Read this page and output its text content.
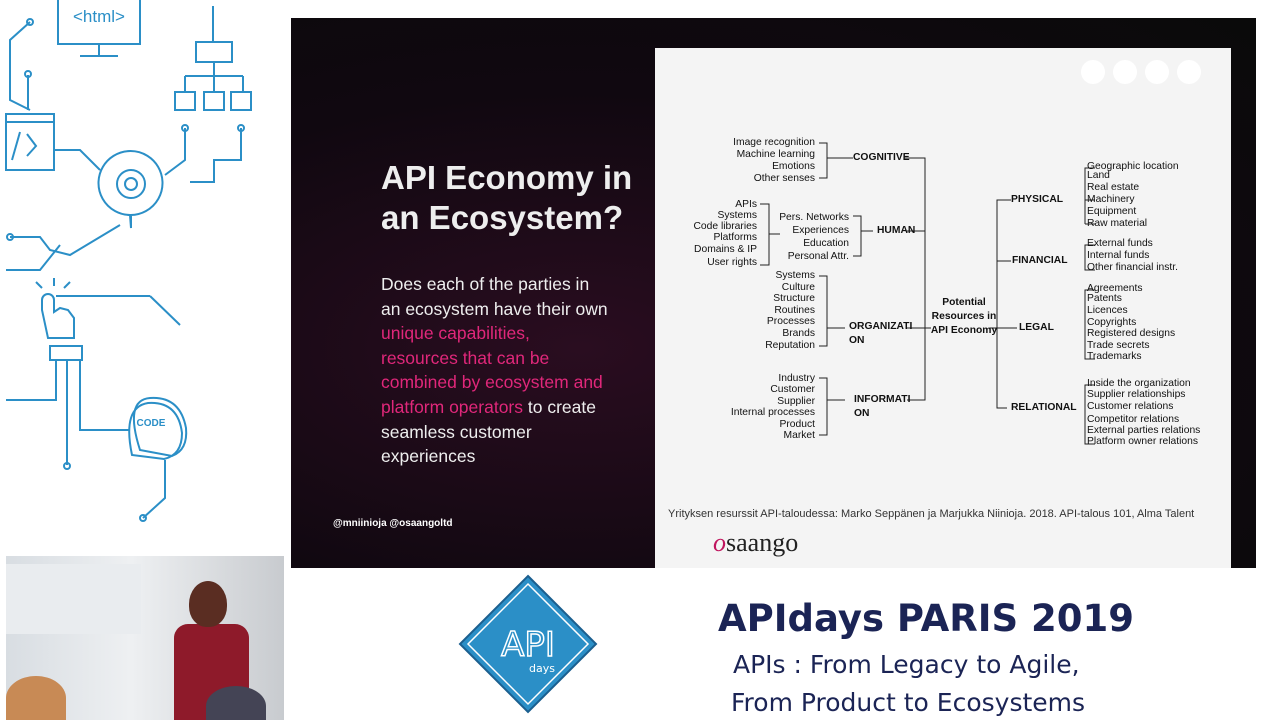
<html>
CODE
API Economy in an Ecosystem?
Does each of the parties in an ecosystem have their own unique capabilities, resources that can be combined by ecosystem and platform operators to create seamless customer experiences
@mniinioja @osaangoltd
Image recognition
Machine learning
Emotions
Other senses
COGNITIVE
APIs
Systems
Code libraries
Platforms
Domains & IP
User rights
Pers. Networks
Experiences
Education
Personal Attr.
HUMAN
Systems
Culture
Structure
Routines
Processes
Brands
Reputation
ORGANIZATI ON
Industry
Customer
Supplier
Internal processes
Product
Market
INFORMATI ON
Potential Resources in API Economy
PHYSICAL
Geographic location
Land
Real estate
Machinery
Equipment
Raw material
FINANCIAL
External funds
Internal funds
Other financial instr.
LEGAL
Agreements
Patents
Licences
Copyrights
Registered designs
Trade secrets
Trademarks
RELATIONAL
Inside the organization
Supplier relationships
Customer relations
Competitor relations
External parties relations
Platform owner relations
Yrityksen resurssit API-taloudessa: Marko Seppänen ja Marjukka Niinioja. 2018. API-talous 101, Alma Talent
osaango
API
days
APIdays PARIS 2019
APIs : From Legacy to Agile,
From Product to Ecosystems
